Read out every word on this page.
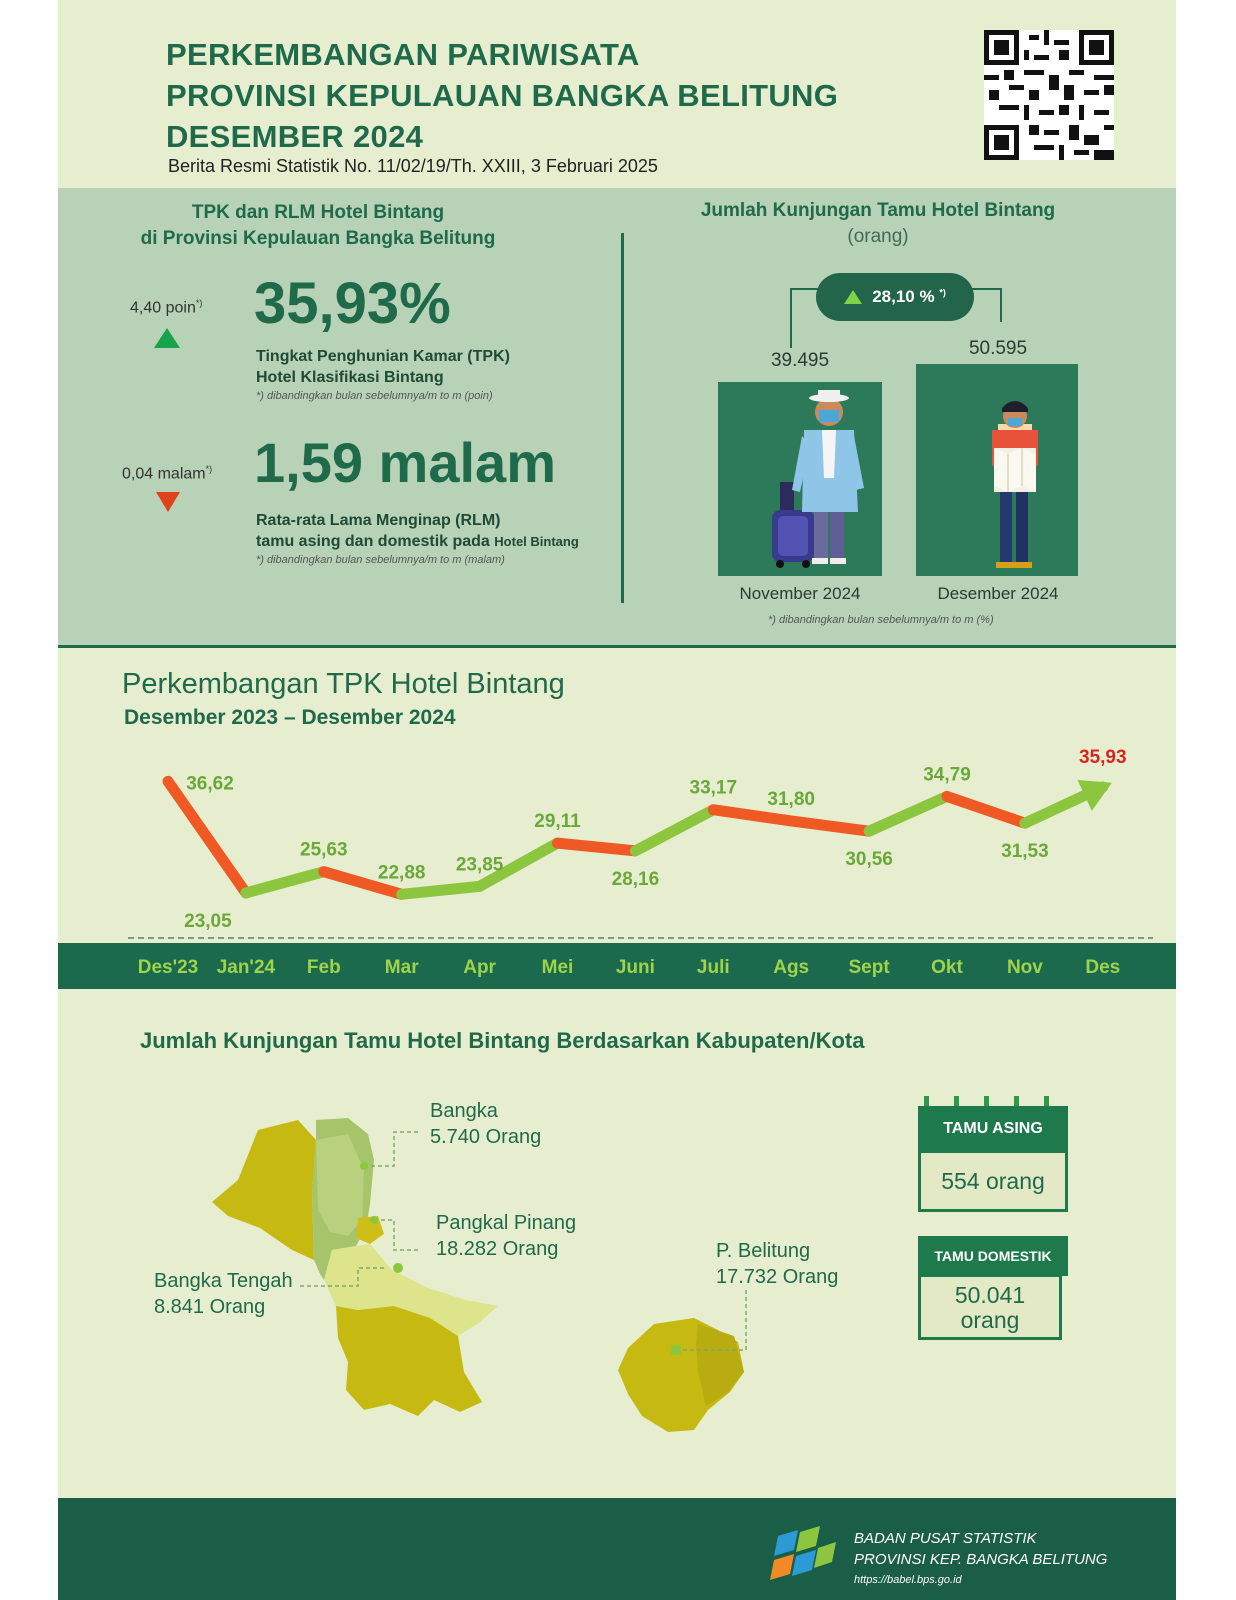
PERKEMBANGAN PARIWISATA
PROVINSI KEPULAUAN BANGKA BELITUNG
DESEMBER 2024
Berita Resmi Statistik No. 11/02/19/Th. XXIII, 3 Februari 2025
TPK dan RLM Hotel Bintang
di Provinsi Kepulauan Bangka Belitung
4,40 poin*) 35,93%
Tingkat Penghunian Kamar (TPK)
Hotel Klasifikasi Bintang
*) dibandingkan bulan sebelumnya/m to m (poin)
0,04 malam*) 1,59 malam
Rata-rata Lama Menginap (RLM)
tamu asing dan domestik pada Hotel Bintang
*) dibandingkan bulan sebelumnya/m to m (malam)
Jumlah Kunjungan Tamu Hotel Bintang
(orang)
39.495
50.595
28,10 % *)
November 2024	Desember 2024
*) dibandingkan bulan sebelumnya/m to m (%)
Perkembangan TPK Hotel Bintang
Desember 2023 – Desember 2024
36,62
23,05
25,63
22,88 23,85
29,11
28,16
33,17
31,80
30,56
34,79
31,53
35,93
Des'23 Jan'24 Feb Mar Apr Mei Juni Juli Ags Sept Okt Nov Des
Jumlah Kunjungan Tamu Hotel Bintang Berdasarkan Kabupaten/Kota
Bangka
5.740 Orang
Pangkal Pinang
18.282 Orang
Bangka Tengah
8.841 Orang
P. Belitung
17.732 Orang
TAMU ASING
554 orang
TAMU DOMESTIK
50.041
orang
BADAN PUSAT STATISTIK
PROVINSI KEP. BANGKA BELITUNG
https://babel.bps.go.id
